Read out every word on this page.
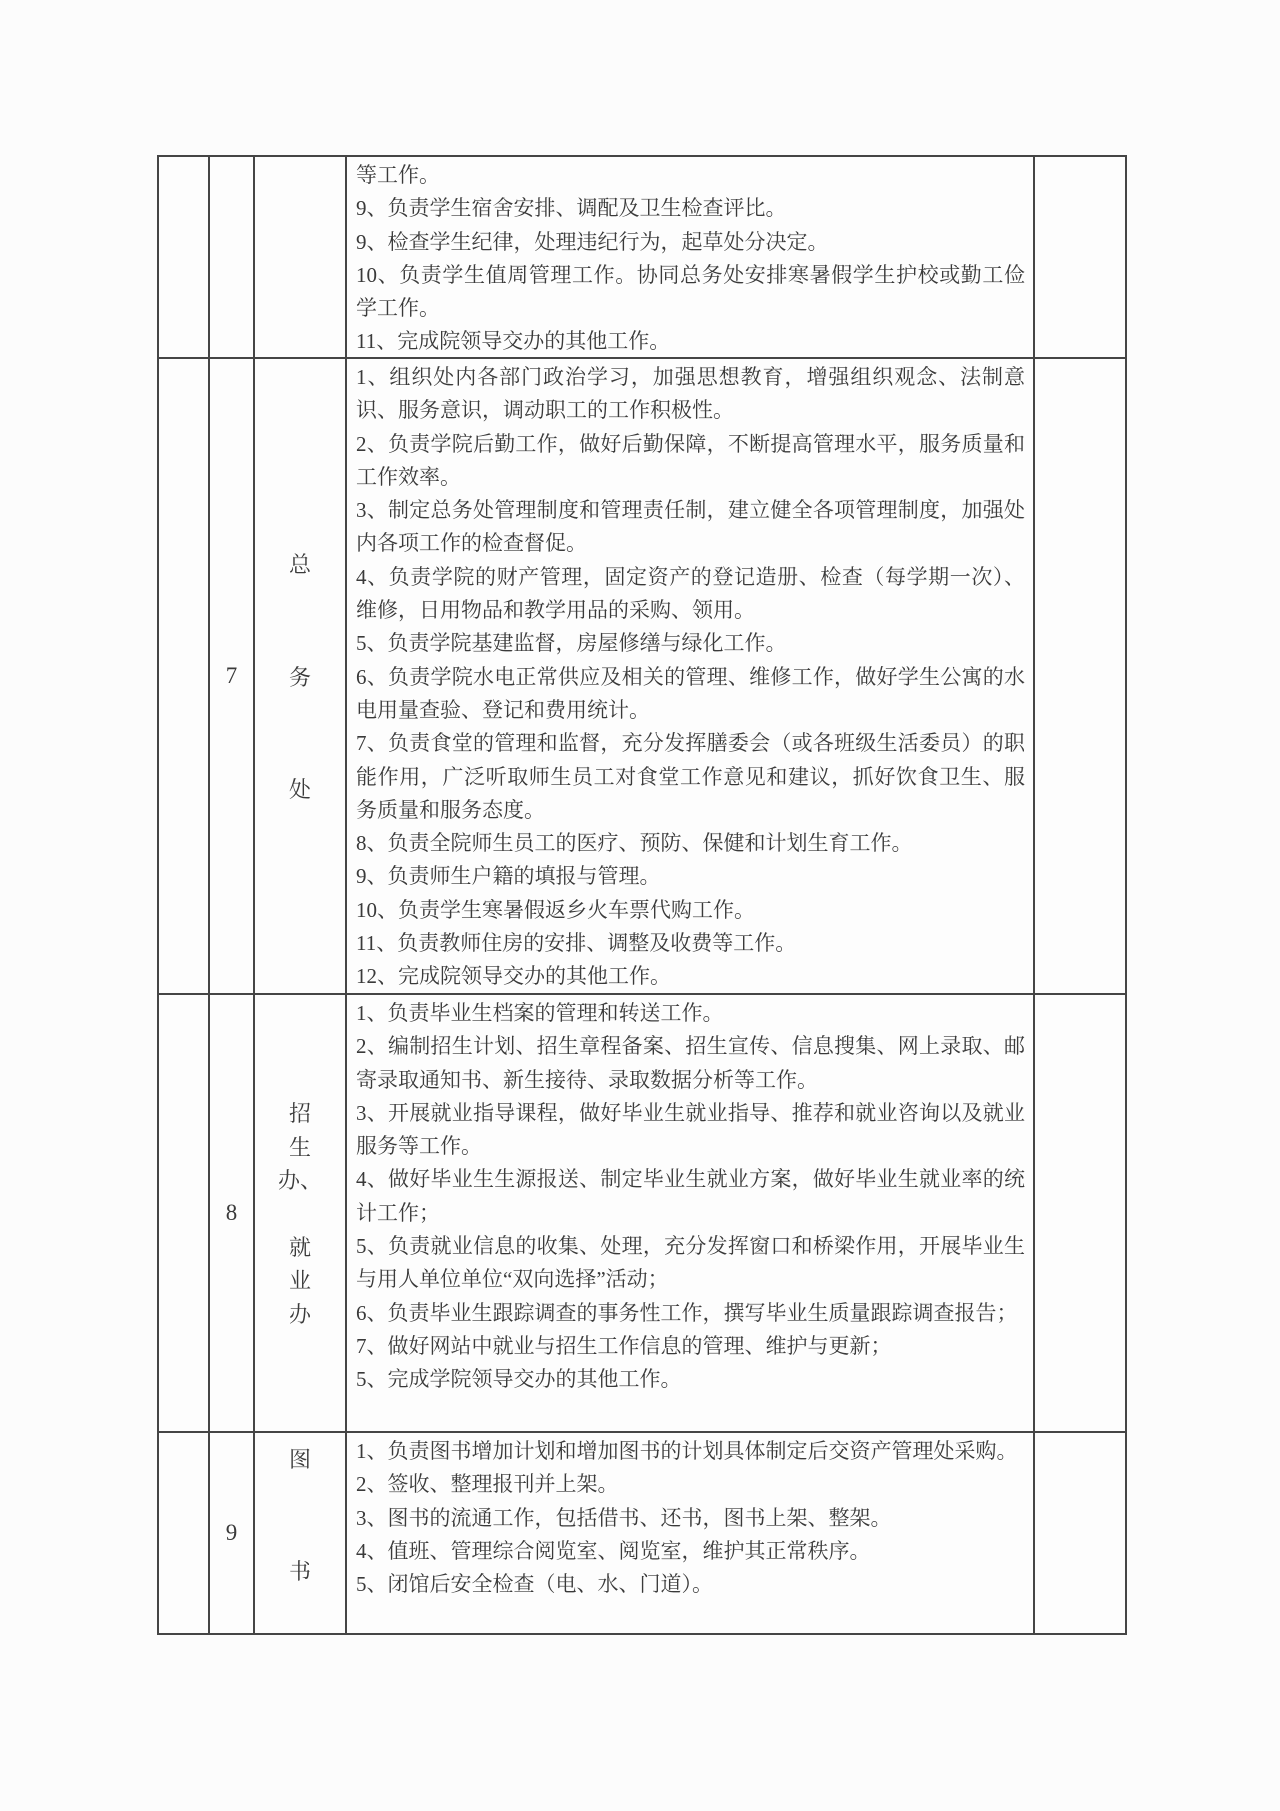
等工作。

9、负责学生宿舍安排、调配及卫生检查评比。

9、检查学生纪律，处理违纪行为，起草处分决定。

10、负责学生值周管理工作。协同总务处安排寒暑假学生护校或勤工俭学工作。

11、完成院领导交办的其他工作。

7
总
务
处

1、组织处内各部门政治学习，加强思想教育，增强组织观念、法制意识、服务意识，调动职工的工作积极性。

2、负责学院后勤工作，做好后勤保障，不断提高管理水平，服务质量和工作效率。

3、制定总务处管理制度和管理责任制，建立健全各项管理制度，加强处内各项工作的检查督促。

4、负责学院的财产管理，固定资产的登记造册、检查（每学期一次）、维修，日用物品和教学用品的采购、领用。

5、负责学院基建监督，房屋修缮与绿化工作。

6、负责学院水电正常供应及相关的管理、维修工作，做好学生公寓的水电用量查验、登记和费用统计。

7、负责食堂的管理和监督，充分发挥膳委会（或各班级生活委员）的职能作用，广泛听取师生员工对食堂工作意见和建议，抓好饮食卫生、服务质量和服务态度。

8、负责全院师生员工的医疗、预防、保健和计划生育工作。

9、负责师生户籍的填报与管理。

10、负责学生寒暑假返乡火车票代购工作。

11、负责教师住房的安排、调整及收费等工作。

12、完成院领导交办的其他工作。

8
招
生
办、
就
业
办

1、负责毕业生档案的管理和转送工作。

2、编制招生计划、招生章程备案、招生宣传、信息搜集、网上录取、邮寄录取通知书、新生接待、录取数据分析等工作。

3、开展就业指导课程，做好毕业生就业指导、推荐和就业咨询以及就业服务等工作。

4、做好毕业生生源报送、制定毕业生就业方案，做好毕业生就业率的统计工作；

5、负责就业信息的收集、处理，充分发挥窗口和桥梁作用，开展毕业生与用人单位单位“双向选择”活动；

6、负责毕业生跟踪调查的事务性工作，撰写毕业生质量跟踪调查报告；

7、做好网站中就业与招生工作信息的管理、维护与更新；

5、完成学院领导交办的其他工作。

9
图
书

1、负责图书增加计划和增加图书的计划具体制定后交资产管理处采购。

2、签收、整理报刊并上架。

3、图书的流通工作，包括借书、还书，图书上架、整架。

4、值班、管理综合阅览室、阅览室，维护其正常秩序。

5、闭馆后安全检查（电、水、门道）。
